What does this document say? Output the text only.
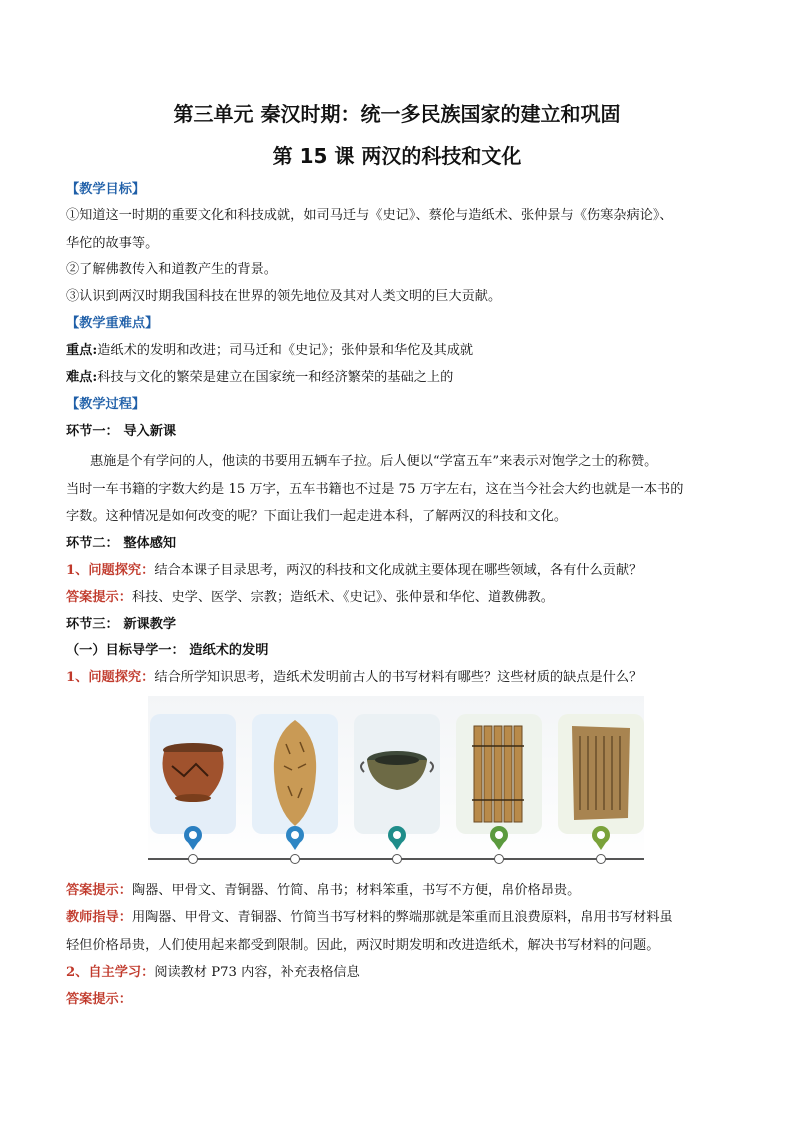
第三单元 秦汉时期：统一多民族国家的建立和巩固
第 15 课 两汉的科技和文化
【教学目标】
①知道这一时期的重要文化和科技成就，如司马迁与《史记》、蔡伦与造纸术、张仲景与《伤寒杂病论》、
华佗的故事等。
②了解佛教传入和道教产生的背景。
③认识到两汉时期我国科技在世界的领先地位及其对人类文明的巨大贡献。
【教学重难点】
重点:造纸术的发明和改进；司马迁和《史记》；张仲景和华佗及其成就
难点:科技与文化的繁荣是建立在国家统一和经济繁荣的基础之上的
【教学过程】
环节一： 导入新课
惠施是个有学问的人，他读的书要用五辆车子拉。后人便以“学富五车”来表示对饱学之士的称赞。
当时一车书籍的字数大约是 15 万字，五车书籍也不过是 75 万字左右，这在当今社会大约也就是一本书的
字数。这种情况是如何改变的呢？下面让我们一起走进本科，了解两汉的科技和文化。
环节二： 整体感知
1、问题探究：结合本课子目录思考，两汉的科技和文化成就主要体现在哪些领域，各有什么贡献？
答案提示：科技、史学、医学、宗教；造纸术、《史记》、张仲景和华佗、道教佛教。
环节三： 新课教学
（一）目标导学一： 造纸术的发明
1、问题探究：结合所学知识思考，造纸术发明前古人的书写材料有哪些？这些材质的缺点是什么？
答案提示：陶器、甲骨文、青铜器、竹简、帛书；材料笨重，书写不方便，帛价格昂贵。
教师指导：用陶器、甲骨文、青铜器、竹简当书写材料的弊端那就是笨重而且浪费原料，帛用书写材料虽
轻但价格昂贵，人们使用起来都受到限制。因此，两汉时期发明和改进造纸术，解决书写材料的问题。
2、自主学习：阅读教材 P73 内容，补充表格信息
答案提示：
